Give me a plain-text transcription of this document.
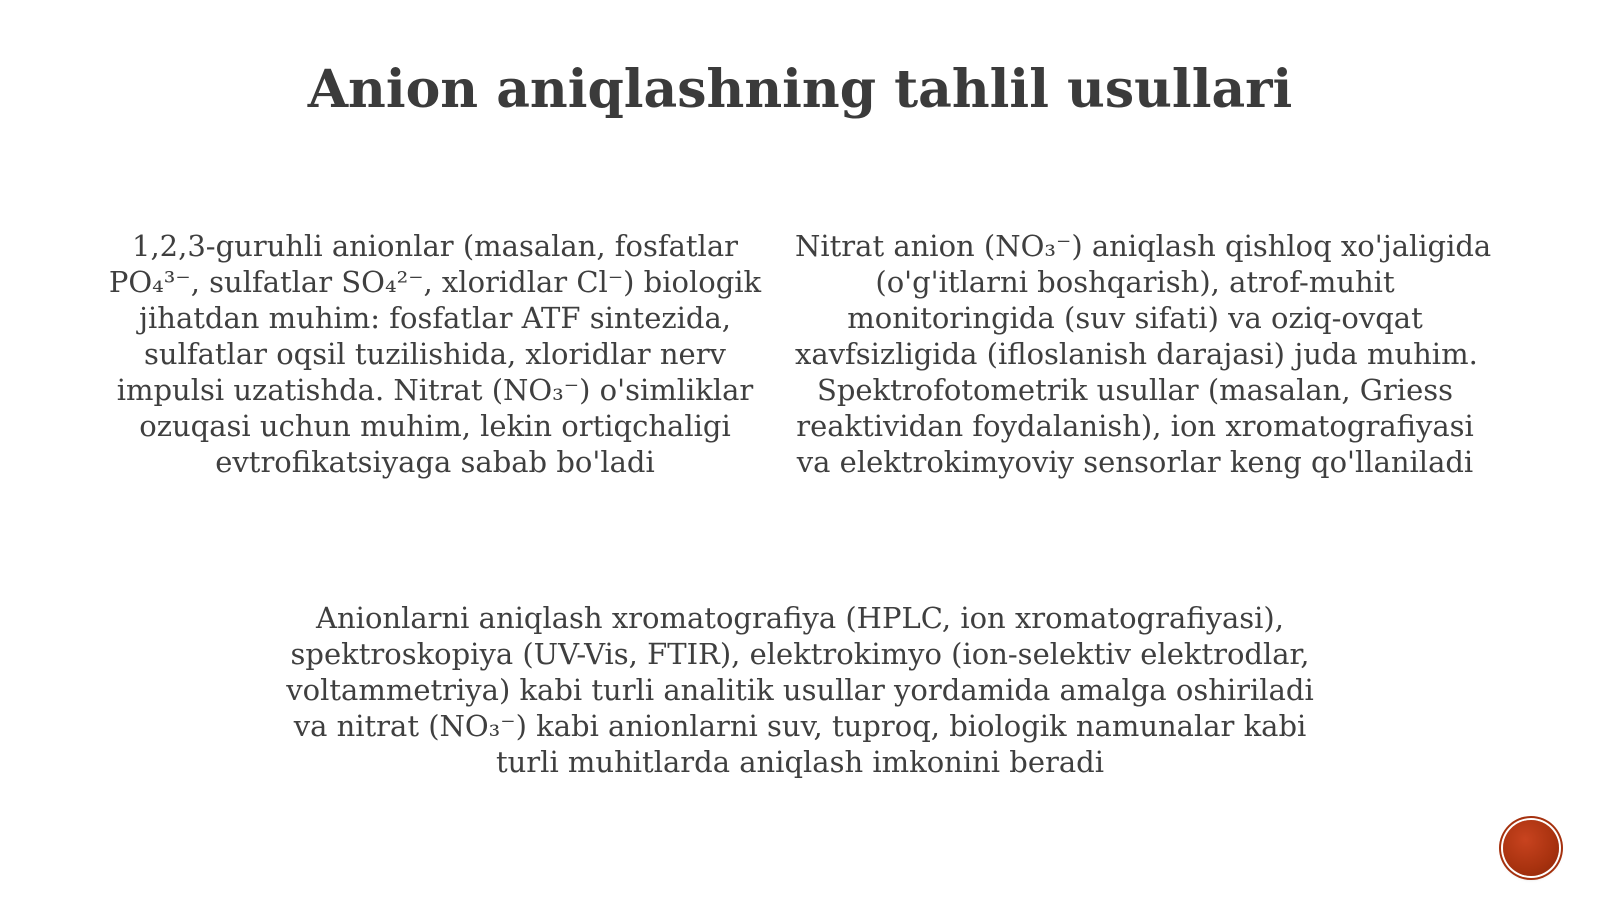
Anion aniqlashning tahlil usullari
1,2,3-guruhli anionlar (masalan, fosfatlar
PO₄³⁻, sulfatlar SO₄²⁻, xloridlar Cl⁻) biologik
jihatdan muhim: fosfatlar ATF sintezida,
sulfatlar oqsil tuzilishida, xloridlar nerv
impulsi uzatishda. Nitrat (NO₃⁻) o'simliklar
ozuqasi uchun muhim, lekin ortiqchaligi
evtrofikatsiyaga sabab bo'ladi
Nitrat anion (NO₃⁻) aniqlash qishloq xo'jaligida
(o'g'itlarni boshqarish), atrof-muhit
monitoringida (suv sifati) va oziq-ovqat
xavfsizligida (ifloslanish darajasi) juda muhim.
Spektrofotometrik usullar (masalan, Griess
reaktividan foydalanish), ion xromatografiyasi
va elektrokimyoviy sensorlar keng qo'llaniladi
Anionlarni aniqlash xromatografiya (HPLC, ion xromatografiyasi),
spektroskopiya (UV-Vis, FTIR), elektrokimyo (ion-selektiv elektrodlar,
voltammetriya) kabi turli analitik usullar yordamida amalga oshiriladi
va nitrat (NO₃⁻) kabi anionlarni suv, tuproq, biologik namunalar kabi
turli muhitlarda aniqlash imkonini beradi
